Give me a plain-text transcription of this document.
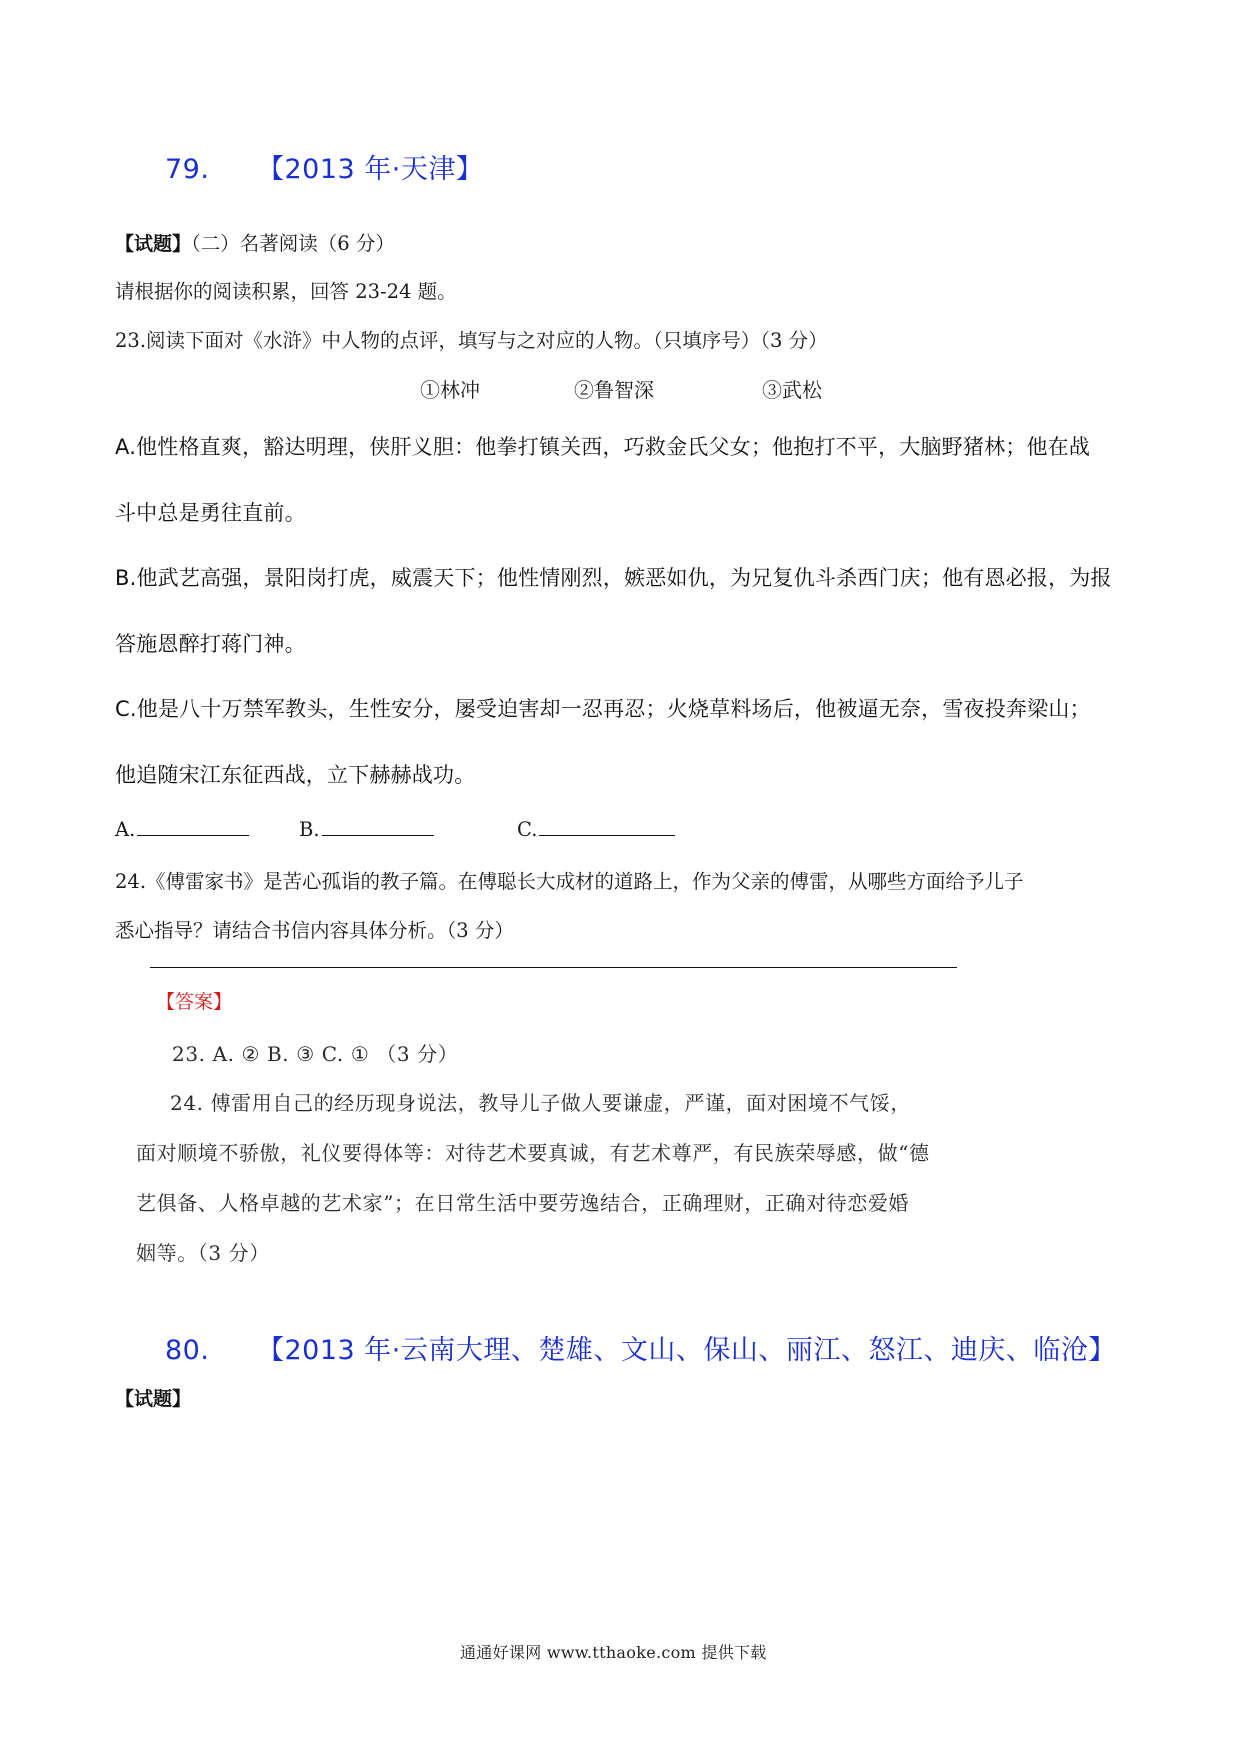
79. 【2013 年·天津】
【试题】（二）名著阅读（6 分）
请根据你的阅读积累，回答 23-24 题。
23.阅读下面对《水浒》中人物的点评，填写与之对应的人物。（只填序号）（3 分）
①林冲	②鲁智深	③武松
A.他性格直爽，豁达明理，侠肝义胆：他拳打镇关西，巧救金氏父女；他抱打不平，大脑野猪林；他在战
斗中总是勇往直前。
B.他武艺高强，景阳岗打虎，威震天下；他性情刚烈，嫉恶如仇，为兄复仇斗杀西门庆；他有恩必报，为报
答施恩醉打蒋门神。
C.他是八十万禁军教头，生性安分，屡受迫害却一忍再忍；火烧草料场后，他被逼无奈，雪夜投奔梁山；
他追随宋江东征西战，立下赫赫战功。
A.	B.	C.
24.《傅雷家书》是苦心孤诣的教子篇。在傅聪长大成材的道路上，作为父亲的傅雷，从哪些方面给予儿子
悉心指导？请结合书信内容具体分析。（3 分）
【答案】
23. A. ② B. ③ C. ① （3 分）
24. 傅雷用自己的经历现身说法，教导儿子做人要谦虚，严谨，面对困境不气馁，
面对顺境不骄傲，礼仪要得体等：对待艺术要真诚，有艺术尊严，有民族荣辱感，做“德
艺俱备、人格卓越的艺术家”；在日常生活中要劳逸结合，正确理财，正确对待恋爱婚
姻等。（3 分）
80. 【2013 年·云南大理、楚雄、文山、保山、丽江、怒江、迪庆、临沧】
【试题】
通通好课网 www.tthaoke.com 提供下载
